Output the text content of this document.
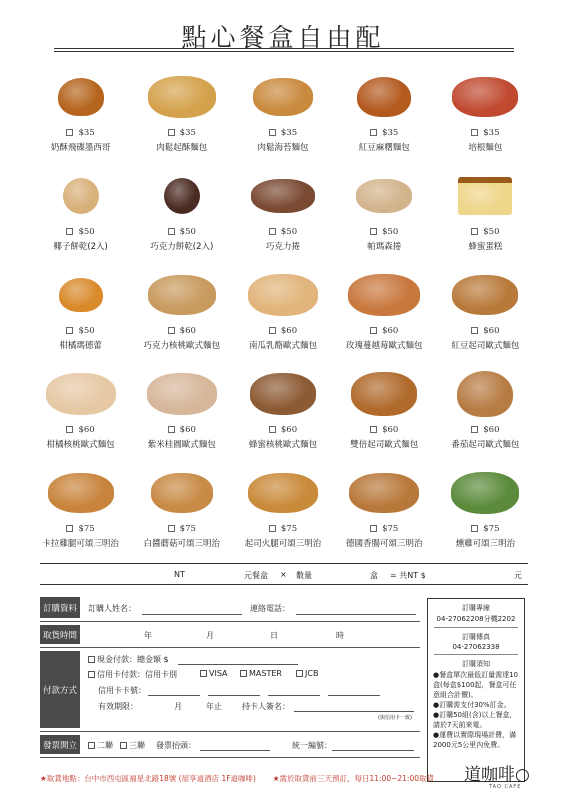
點心餐盒自由配
$35
奶酥飛碟墨西哥
$35
肉鬆起酥麵包
$35
肉鬆海苔麵包
$35
紅豆麻糬麵包
$35
培根麵包
$50
椰子餅乾(2入)
$50
巧克力餅乾(2入)
$50
巧克力捲
$50
帕瑪森捲
$50
蜂蜜蛋糕
$50
柑橘瑪德蕾
$60
巧克力核桃歐式麵包
$60
南瓜乳酪歐式麵包
$60
玫瑰蔓越莓歐式麵包
$60
紅豆起司歐式麵包
$60
柑橘核桃歐式麵包
$60
紫米桂圓歐式麵包
$60
蜂蜜核桃歐式麵包
$60
雙倍起司歐式麵包
$60
番茄起司歐式麵包
$75
卡拉雞腿可頌三明治
$75
白醬蘑菇可頌三明治
$75
起司火腿可頌三明治
$75
德國香腸可頌三明治
$75
燻雞可頌三明治
NT	元餐盒 × 數量	盒 = 共NT $	元
訂購資料	訂購人姓名：	連絡電話：
取貨時間	年	月	日	時
付款方式
現金付款：總金額 $
信用卡付款：信用卡別	VISA	MASTER	JCB
信用卡卡號：
有效期限：	月	年止	持卡人簽名：
(與信用卡一致)
發票開立	二聯	三聯 發票抬頭：	統一編號：
訂購專線
04-27062208分機2202
訂購傳真
04-27062338
訂購須知
●餐盒單次最低訂量需達10盒(每盒$100起，餐盒可任意組合計價)。
●訂購需支付30%訂金。
●訂購50組(含)以上餐盒，請於7天前來電。
●運費以實際現場計費，滿2000元5公里內免費。
★取貨地點：台中市西屯區福星北路18號 (屋享道酒店 1F道咖啡) ★需於取貨前三天預訂，每日11:00~21:00取貨 道咖啡○
TAO CAFE
